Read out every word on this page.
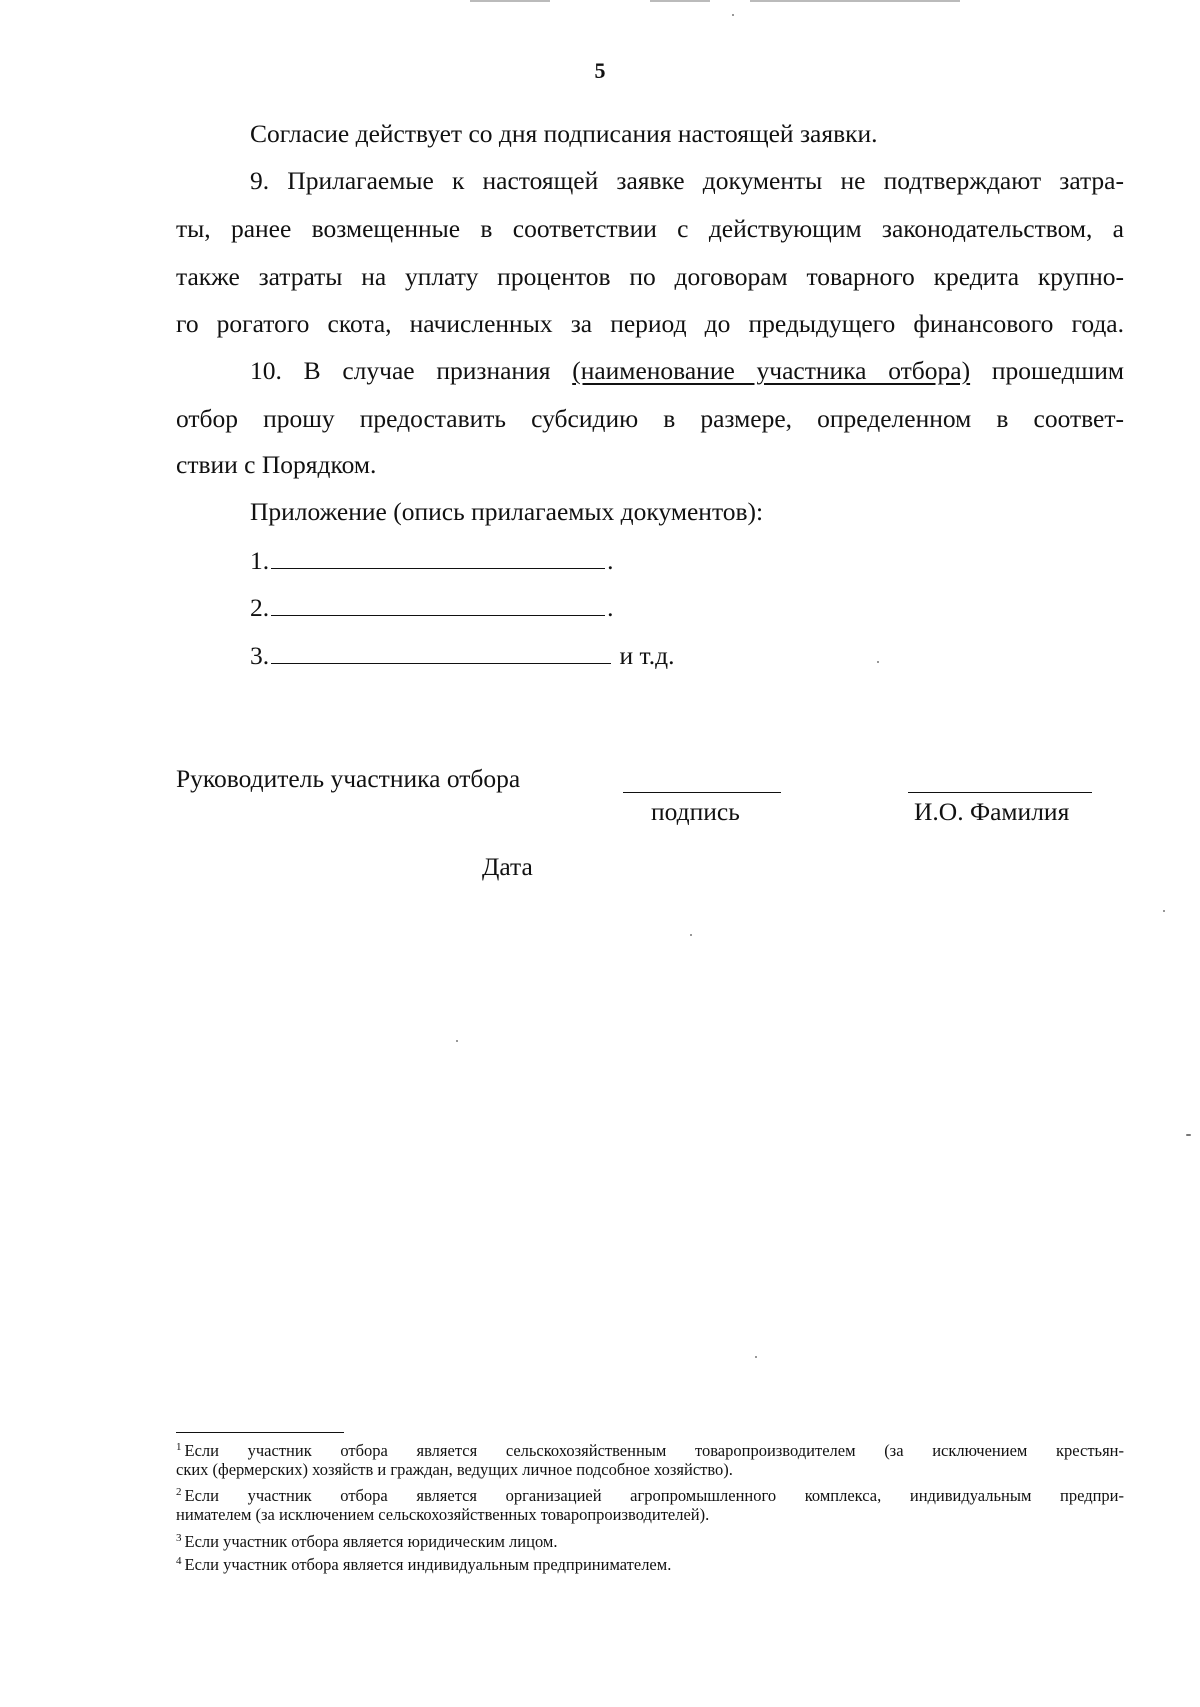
5
Согласие действует со дня подписания настоящей заявки.
9. Прилагаемые к настоящей заявке документы не подтверждают затра-
ты, ранее возмещенные в соответствии с действующим законодательством, а
также затраты на уплату процентов по договорам товарного кредита крупно-
го рогатого скота, начисленных за период до предыдущего финансового года.
10. В случае признания (наименование участника отбора) прошедшим
отбор прошу предоставить субсидию в размере, определенном в соответ-
ствии с Порядком.
Приложение (опись прилагаемых документов):
1.	.
2.	.
3.	и т.д.
Руководитель участника отбора
подпись	И.О. Фамилия
Дата
$^1$ Если участник отбора является сельскохозяйственным товаропроизводителем (за исключением крестьян-
ских (фермерских) хозяйств и граждан, ведущих личное подсобное хозяйство).
$^2$ Если участник отбора является организацией агропромышленного комплекса, индивидуальным предпри-
нимателем (за исключением сельскохозяйственных товаропроизводителей).
$^3$ Если участник отбора является юридическим лицом.
$^4$ Если участник отбора является индивидуальным предпринимателем.
